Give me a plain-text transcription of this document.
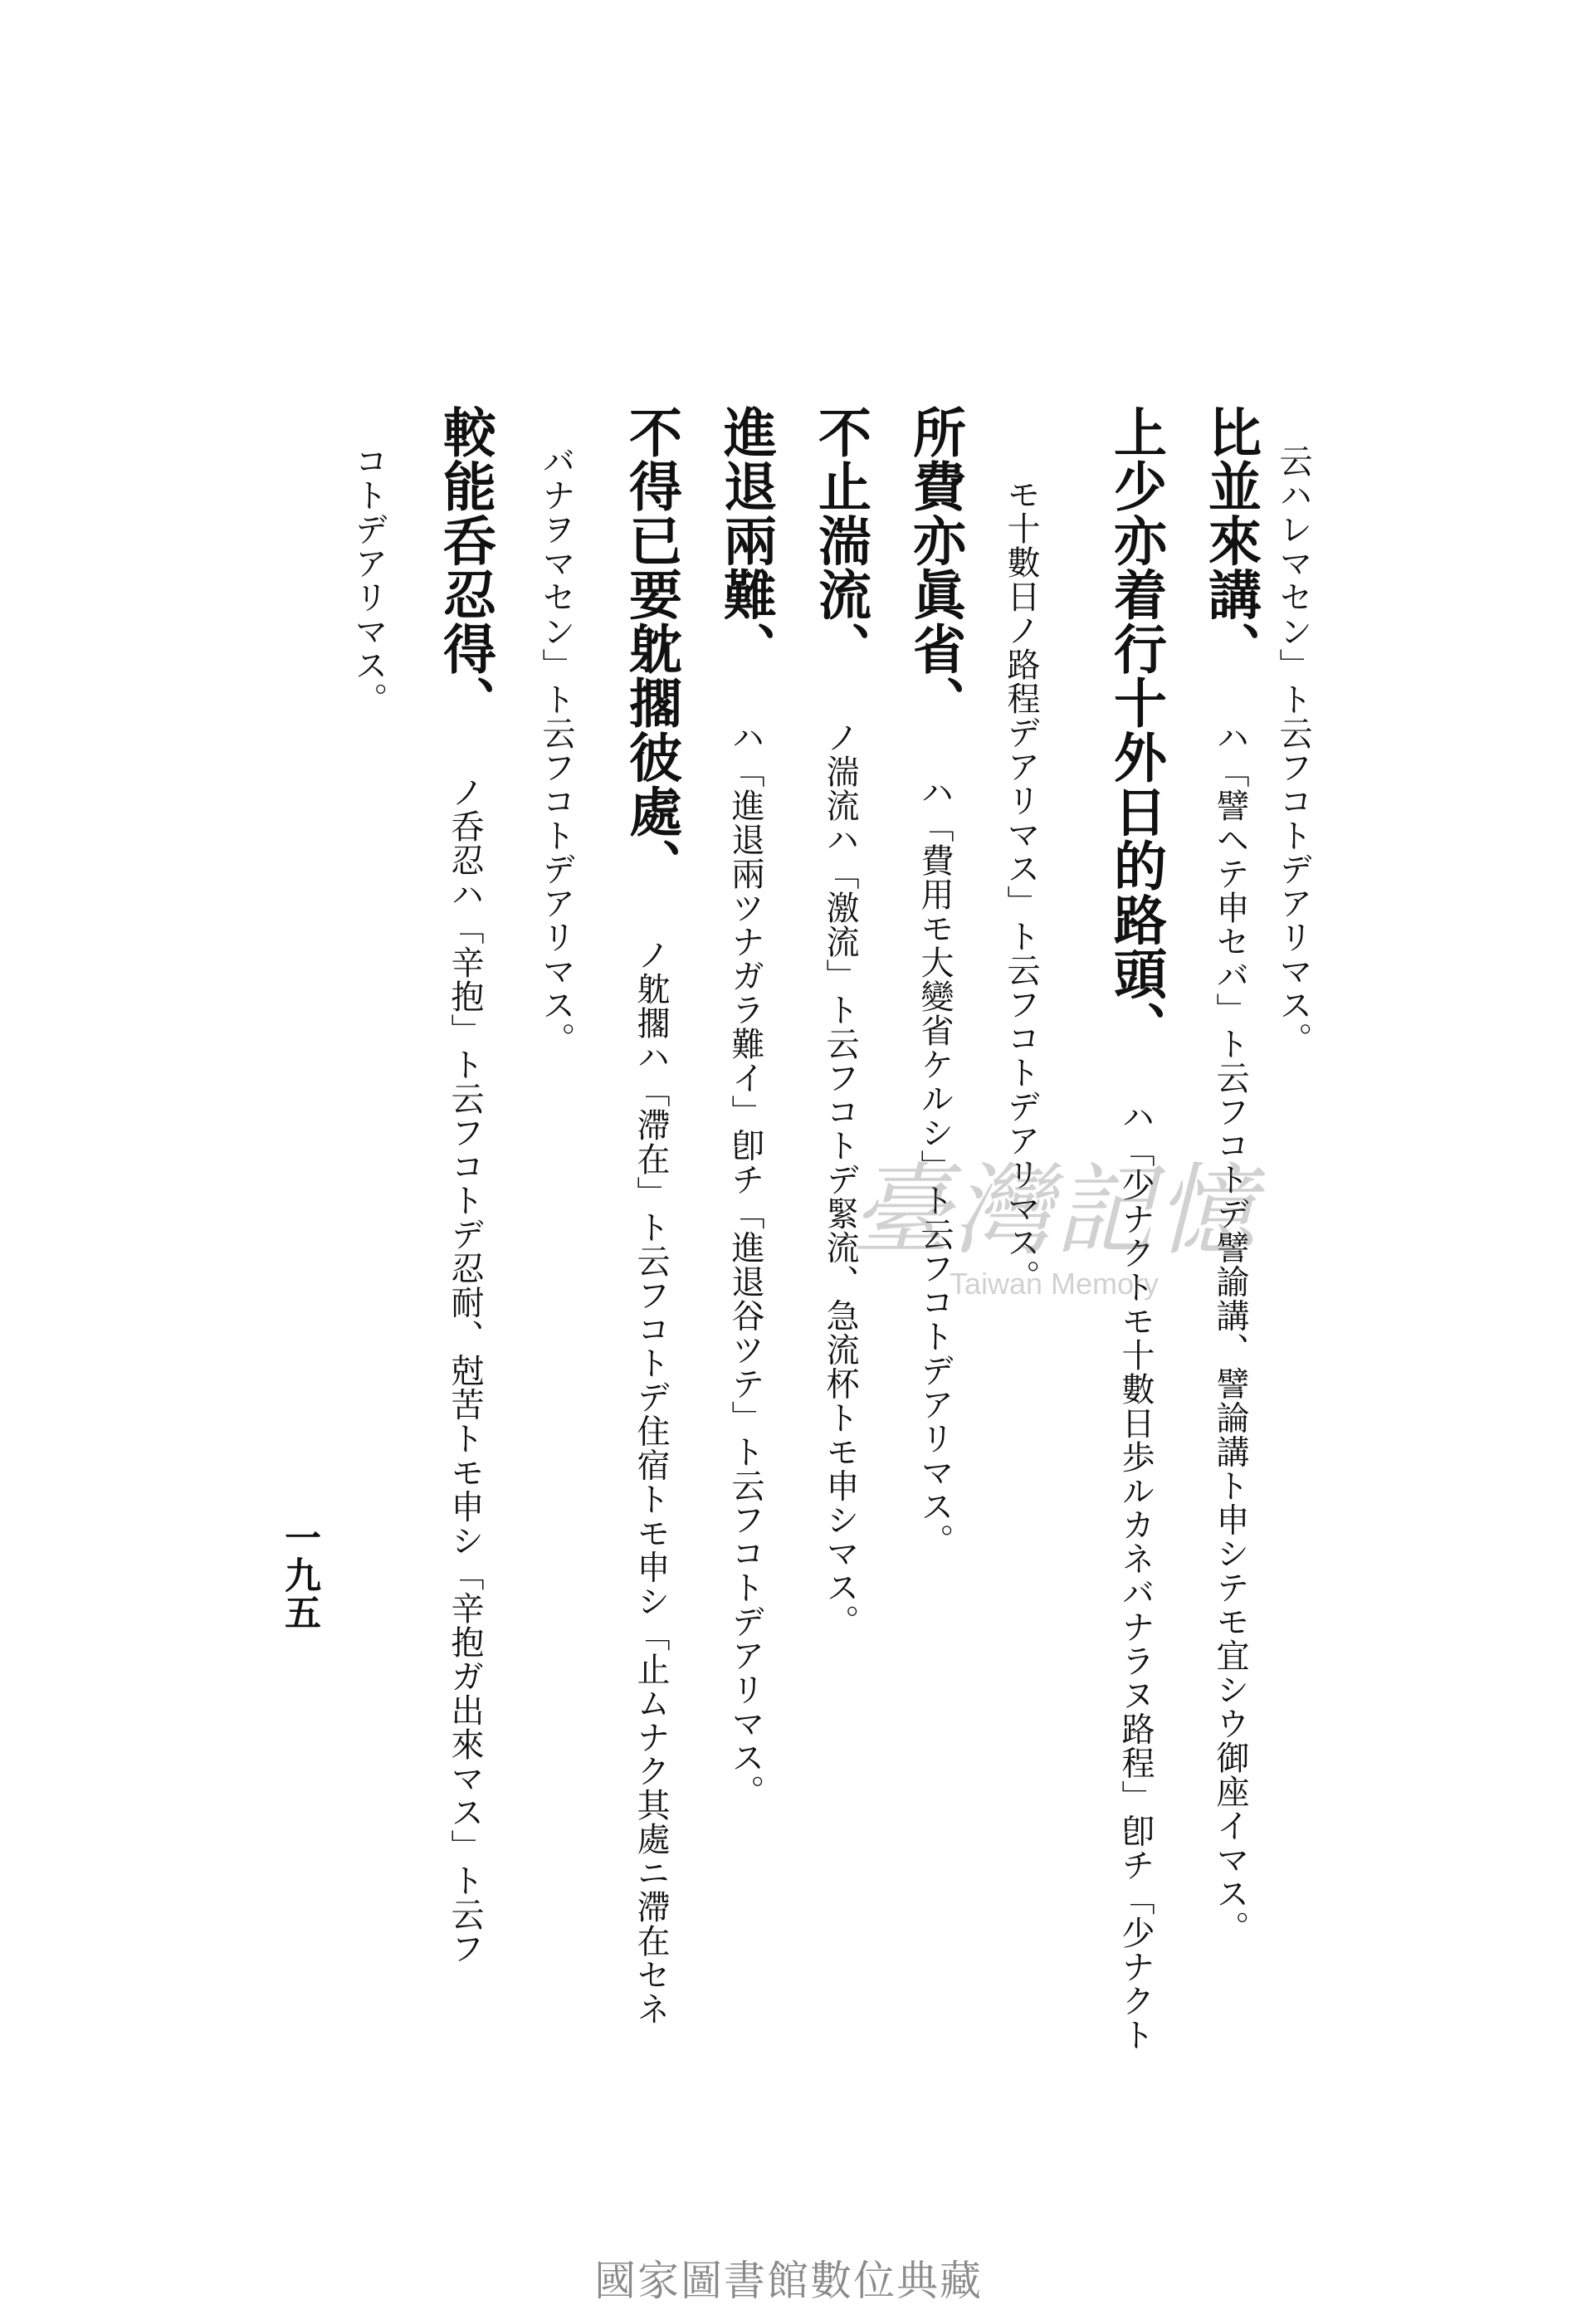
云ハレマセン」ト云フコトデアリマス。
比並來講、 ハ「譬ヘテ申セバ」ト云フコトデ譬諭講、譬論講ト申シテモ宜シウ御座イマス。
上少亦着行十外日的路頭、 ハ「少ナクトモ十數日歩ルカネバナラヌ路程」卽チ「少ナクト
モ十數日ノ路程デアリマス」ト云フコトデアリマス。
所費亦眞省、 ハ「費用モ大變省ケルシ」ト云フコトデアリマス。
不止湍流、 ノ湍流ハ「激流」ト云フコトデ緊流、急流杯トモ申シマス。
進退兩難、 ハ「進退兩ツナガラ難イ」卽チ「進退谷ツテ」ト云フコトデアリマス。
不得已要躭擱彼處、 ノ躭擱ハ「滯在」ト云フコトデ住宿トモ申シ「止ムナク其處ニ滯在セネ
バナヲマセン」ト云フコトデアリマス。
較能呑忍得、 ノ呑忍ハ「辛抱」ト云フコトデ忍耐、尅苦トモ申シ「辛抱ガ出來マス」ト云フ
コトデアリマス。
一九五
臺灣記憶
Taiwan Memory
國家圖書館數位典藏
